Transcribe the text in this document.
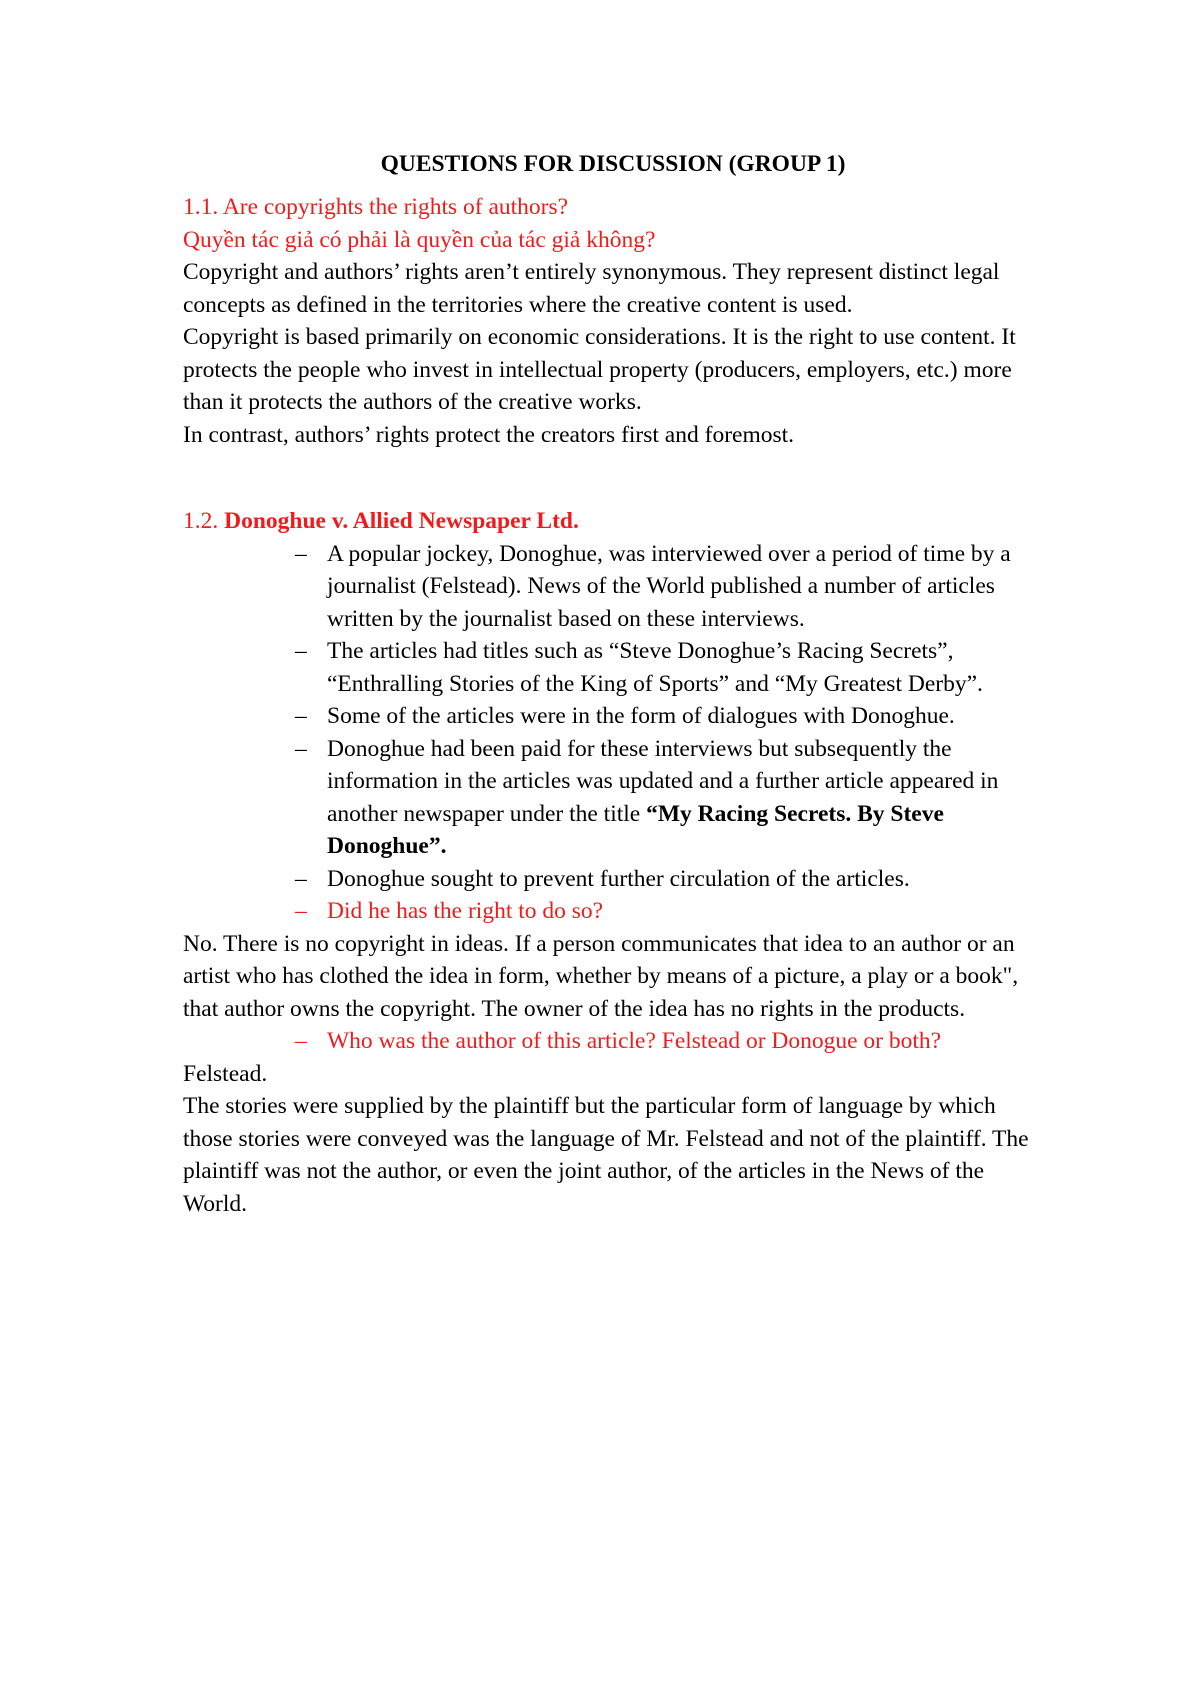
QUESTIONS FOR DISCUSSION (GROUP 1)

1.1. Are copyrights the rights of authors?

Quyền tác giả có phải là quyền của tác giả không?

Copyright and authors’ rights aren’t entirely synonymous. They represent distinct legal concepts as defined in the territories where the creative content is used.

Copyright is based primarily on economic considerations. It is the right to use content. It protects the people who invest in intellectual property (producers, employers, etc.) more than it protects the authors of the creative works.

In contrast, authors’ rights protect the creators first and foremost.

1.2. Donoghue v. Allied Newspaper Ltd.

– A popular jockey, Donoghue, was interviewed over a period of time by a journalist (Felstead). News of the World published a number of articles written by the journalist based on these interviews.
– The articles had titles such as “Steve Donoghue’s Racing Secrets”, “Enthralling Stories of the King of Sports” and “My Greatest Derby”.
– Some of the articles were in the form of dialogues with Donoghue.
– Donoghue had been paid for these interviews but subsequently the information in the articles was updated and a further article appeared in another newspaper under the title “My Racing Secrets. By Steve Donoghue”.
– Donoghue sought to prevent further circulation of the articles.
– Did he has the right to do so?

No. There is no copyright in ideas. If a person communicates that idea to an author or an artist who has clothed the idea in form, whether by means of a picture, a play or a book", that author owns the copyright. The owner of the idea has no rights in the products.

– Who was the author of this article? Felstead or Donogue or both?

Felstead.

The stories were supplied by the plaintiff but the particular form of language by which those stories were conveyed was the language of Mr. Felstead and not of the plaintiff. The plaintiff was not the author, or even the joint author, of the articles in the News of the World.
